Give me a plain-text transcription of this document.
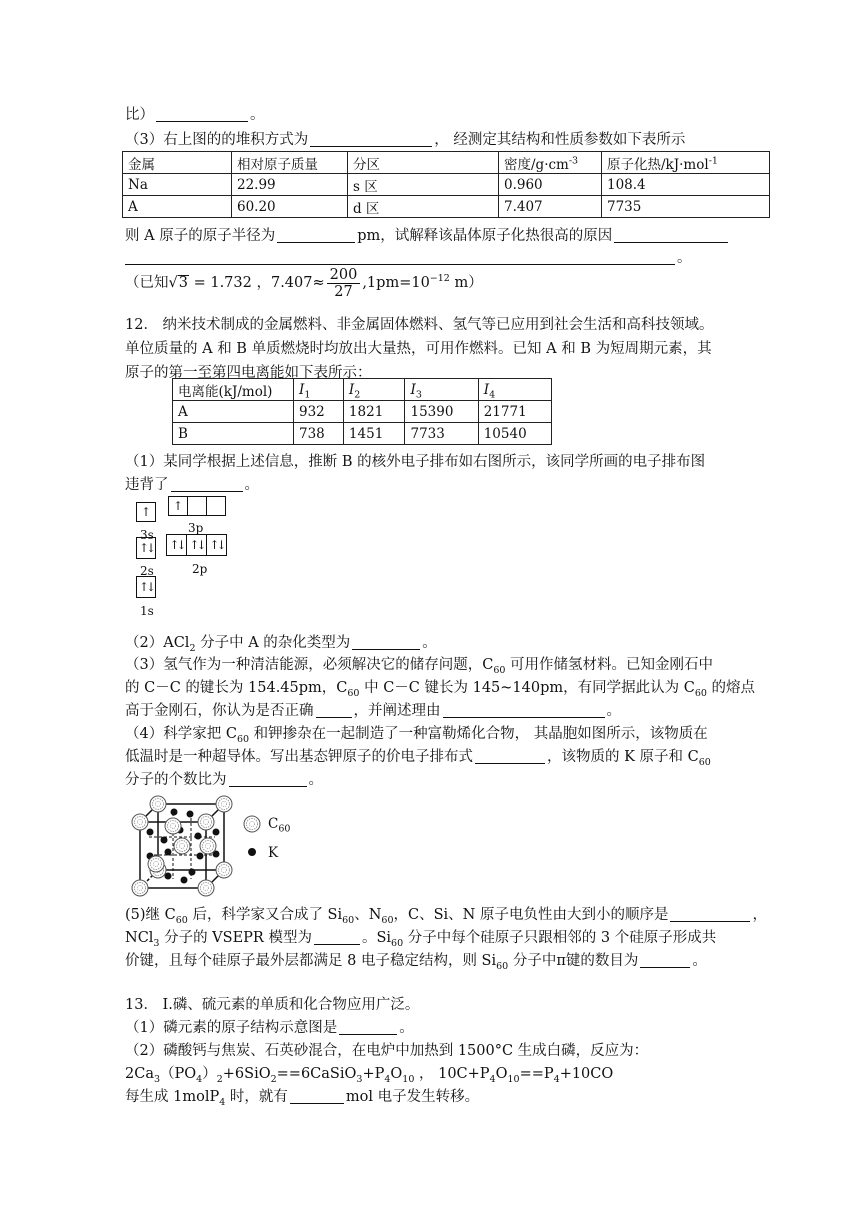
比）	。
（3）右上图的的堆积方式为	， 经测定其结构和性质参数如下表所示
金属	相对原子质量	分区	密度$/g\cdot cm^{-3}$	原子化热/kJ·mol$^{-1}$
Na	22.99	s 区	0.960	108.4
A	60.20	d 区	7.407	7735
则 A 原子的原子半径为	pm，试解释该晶体原子化热很高的原因
。
（已知√3 = 1.732 ，$7.407\approx \frac{200}{27} ,1pm=10^{-12}$ m）
12． 纳米技术制成的金属燃料、非金属固体燃料、氢气等已应用到社会生活和高科技领域。
单位质量的 A 和 B 单质燃烧时均放出大量热，可用作燃料。已知 A 和 B 为短周期元素，其
原子的第一至第四电离能如下表所示：
电离能(kJ/mol)	$I_1$	$I_2$	$I_3$	$I_4$
A	932	1821	15390	21771
B	738	1451	7733	10540
（1）某同学根据上述信息，推断 B 的核外电子排布如右图所示，该同学所画的电子排布图
违背了	。
↑
3p
↑
3s
↑↓
2s
↑↓ ↑↓ ↑↓
2p
↑↓
1s
（2）ACl$_2$ 分子中 A 的杂化类型为	。
（3）氢气作为一种清洁能源，必须解决它的储存问题，$C_{60}$ 可用作储氢材料。已知金刚石中
的 C－C 的键长为 154.45pm，$C_{60}$ 中 C－C 键长为 145~140pm，有同学据此认为 $C_{60}$ 的熔点
高于金刚石，你认为是否正确	，并阐述理由	。
（4）科学家把 $C_{60}$ 和钾掺杂在一起制造了一种富勒烯化合物， 其晶胞如图所示，该物质在
低温时是一种超导体。写出基态钾原子的价电子排布式	，该物质的 K 原子和 $C_{60}$
分子的个数比为	。
$C_{60}$
K
(5)继 $C_{60}$ 后，科学家又合成了 $Si_{60}$、$N_{60}$，C、Si、N 原子电负性由大到小的顺序是	，
NCl$_3$ 分子的 VSEPR 模型为	。$Si_{60}$ 分子中每个硅原子只跟相邻的 3 个硅原子形成共
价键，且每个硅原子最外层都满足 8 电子稳定结构，则 $Si_{60}$ 分子中π键的数目为	。
13． I.磷、硫元素的单质和化合物应用广泛。
（1）磷元素的原子结构示意图是	。
（2）磷酸钙与焦炭、石英砂混合，在电炉中加热到 1500°C 生成白磷，反应为：
$2Ca_3(PO_4)_2+6SiO_2==6CaSiO_3+P_4O_{10}$ ， $10C+P_4O_{10}==P_4+10CO$
每生成 1molP$_4$ 时，就有	mol 电子发生转移。
